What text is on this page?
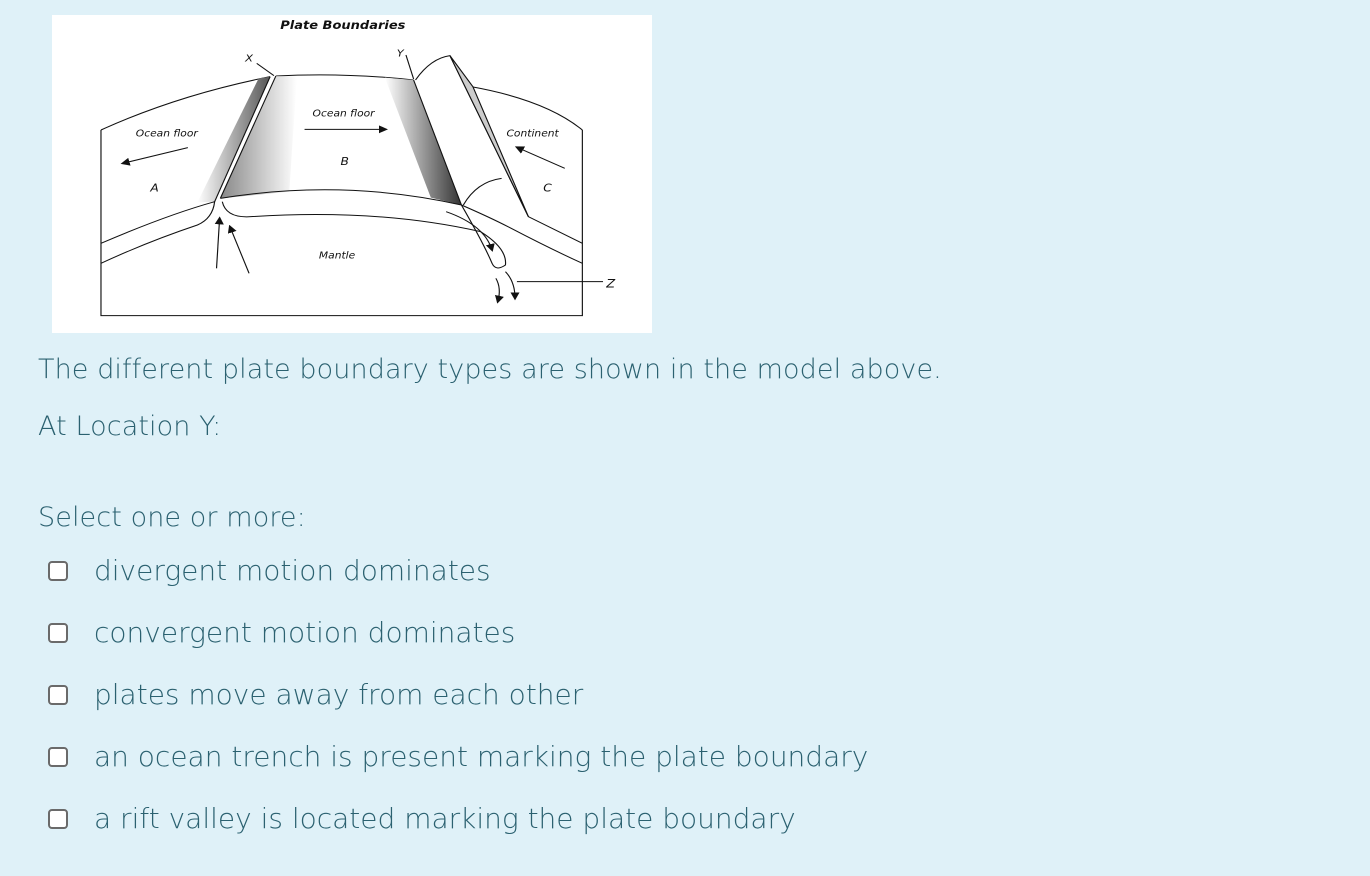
Plate Boundaries
X	Y
Z
A
B
C
Ocean floor
Ocean floor
Continent
Mantle
The different plate boundary types are shown in the model above.
At Location Y:
Select one or more:
divergent motion dominates
convergent motion dominates
plates move away from each other
an ocean trench is present marking the plate boundary
a rift valley is located marking the plate boundary
